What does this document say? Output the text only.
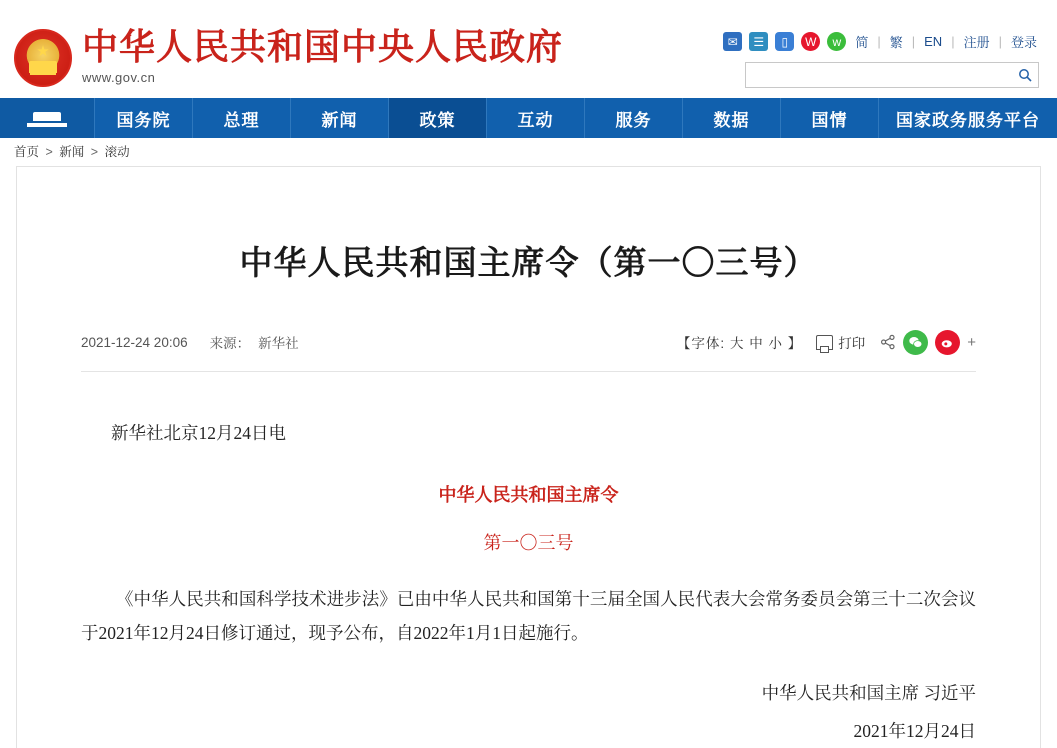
★ 中华人民共和国中央人民政府
www.gov.cn
✉	☰	▯	W	w	简 | 繁 | EN | 注册 | 登录
国务院	总理	新闻	政策	互动	服务	数据	国情	国家政务服务平台
首页 > 新闻 > 滚动
中华人民共和国主席令（第一〇三号）
2021-12-24 20:06 来源： 新华社	【字体: 大 中 小 】	打印	+

新华社北京12月24日电

中华人民共和国主席令

第一〇三号

《中华人民共和国科学技术进步法》已由中华人民共和国第十三届全国人民代表大会常务委员会第三十二次会议于2021年12月24日修订通过，现予公布，自2022年1月1日起施行。

中华人民共和国主席 习近平

2021年12月24日
